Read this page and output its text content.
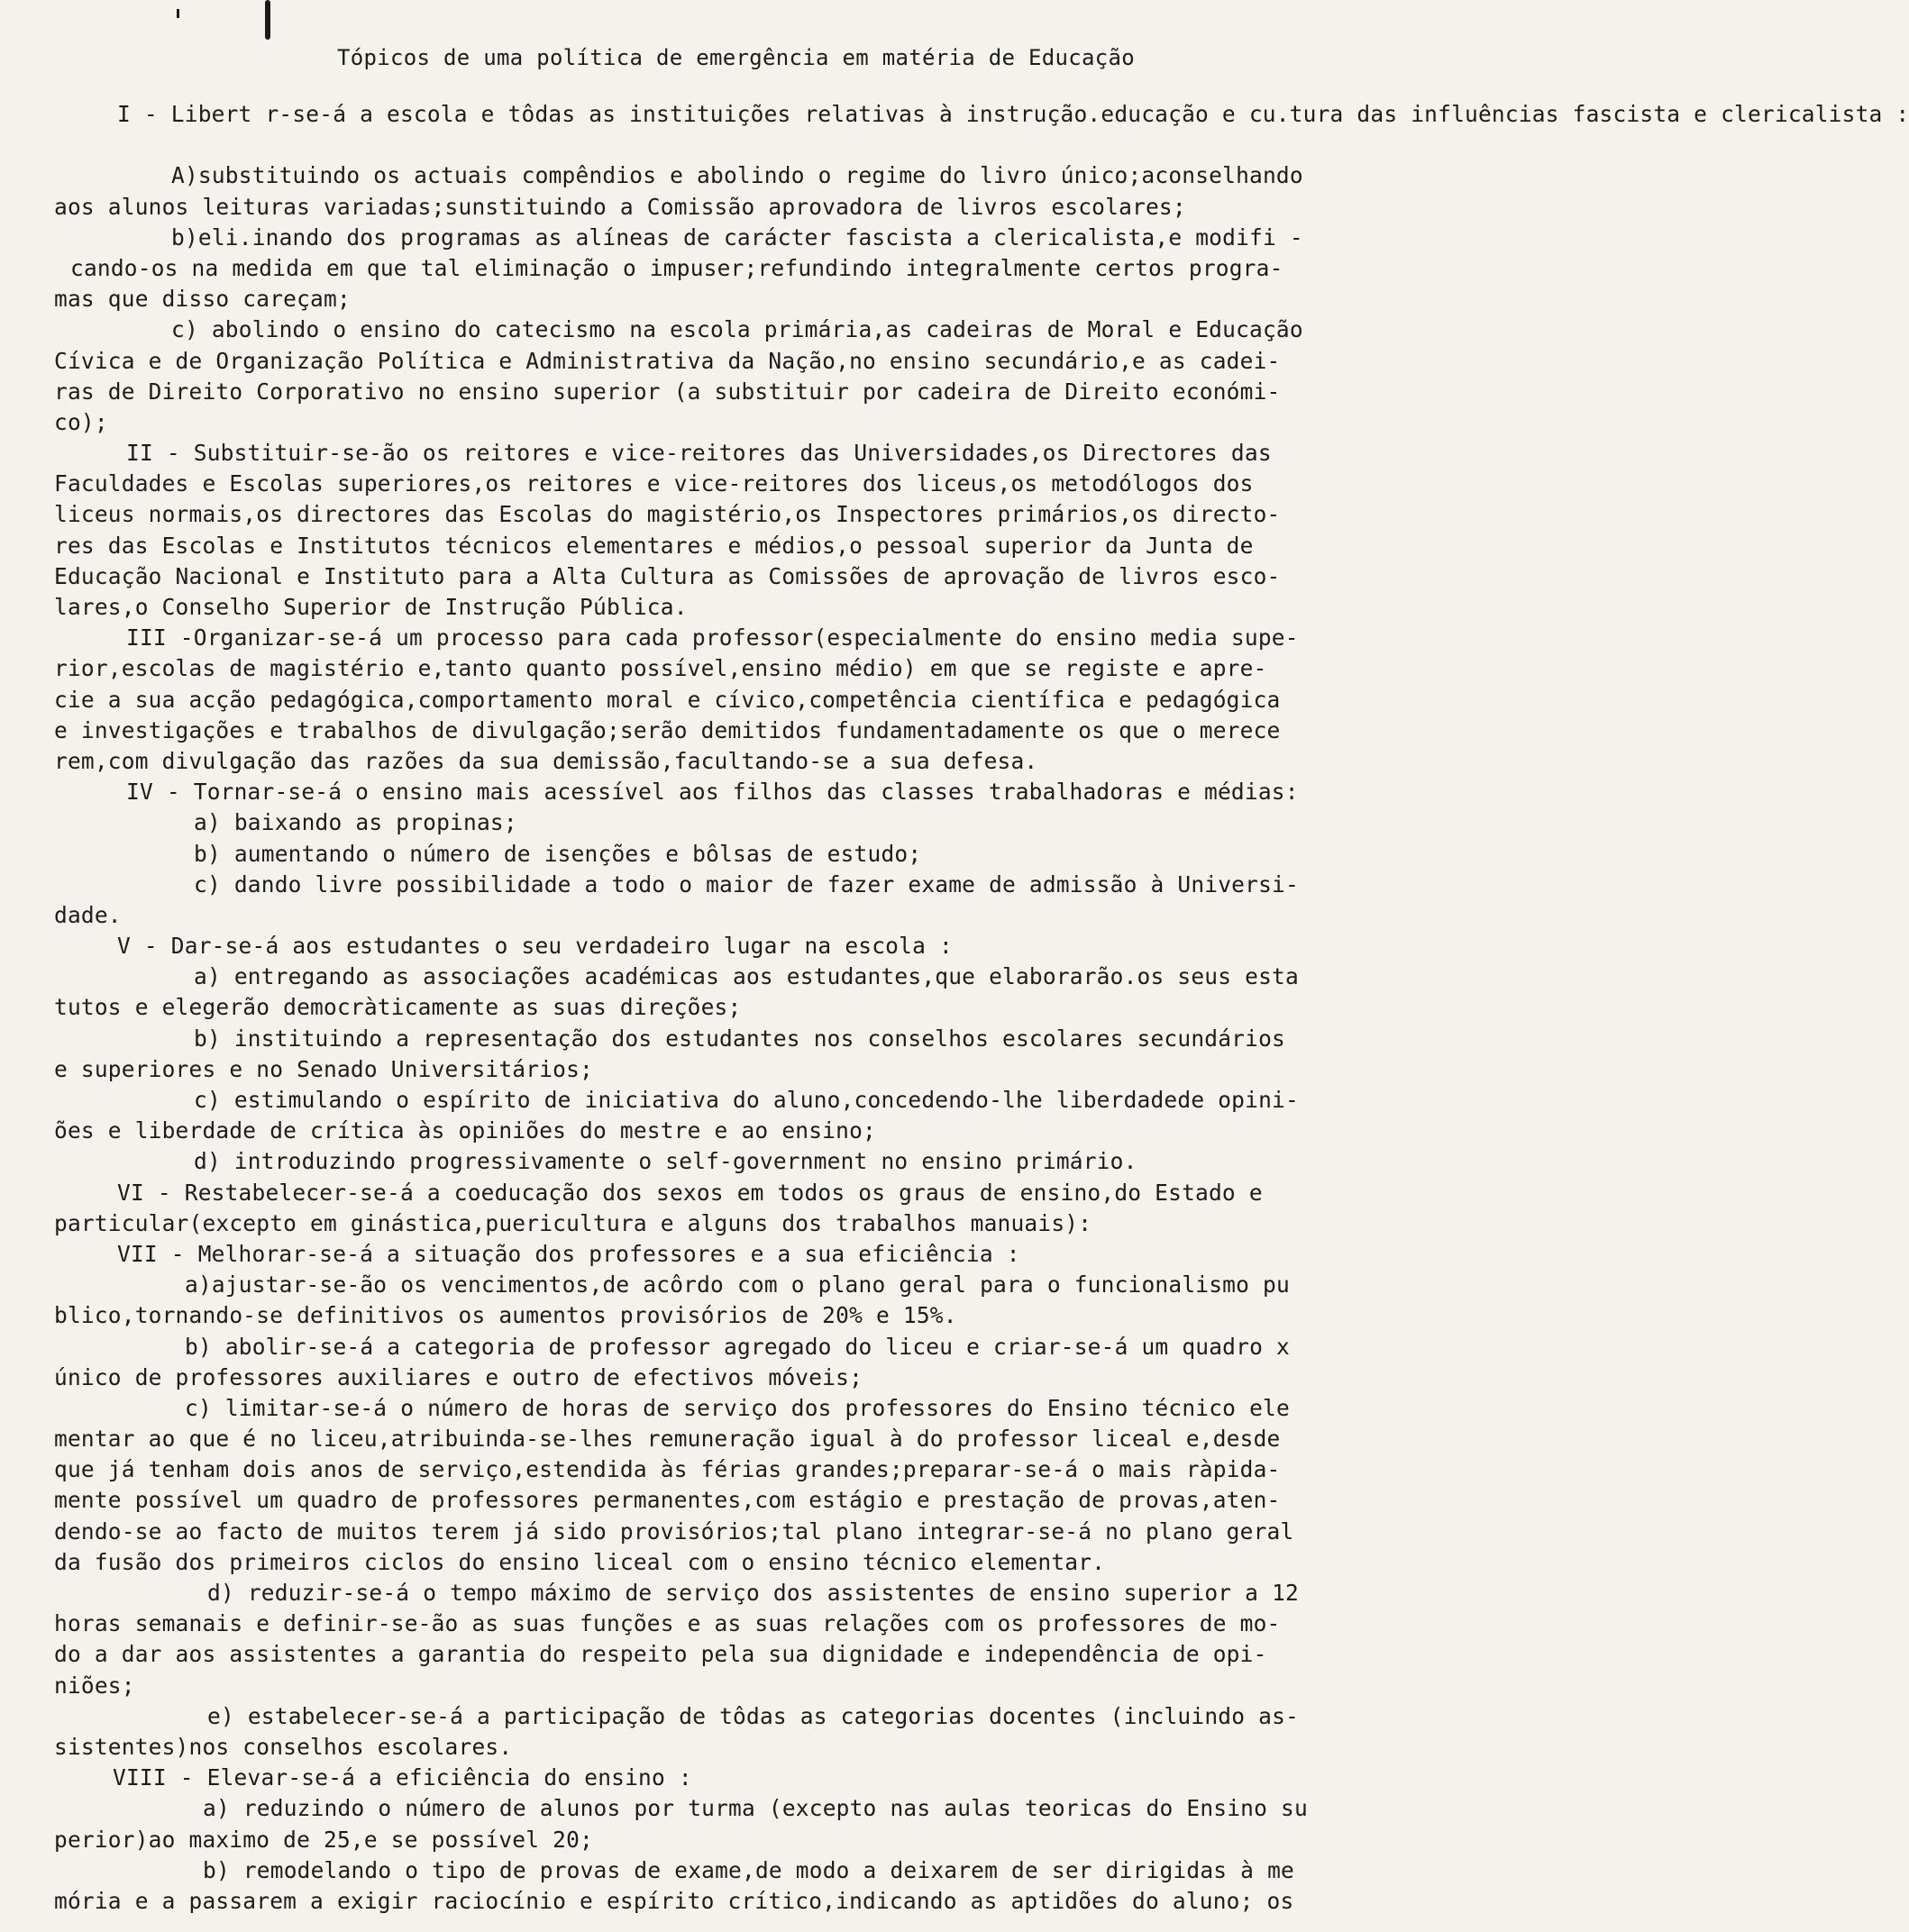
Tópicos de uma política de emergência em matéria de Educação
I - Libert r-se-á a escola e tôdas as instituições relativas à instrução.educação e cu.tura das influências fascista e clericalista :
A)substituindo os actuais compêndios e abolindo o regime do livro único;aconselhando
aos alunos leituras variadas;sunstituindo a Comissão aprovadora de livros escolares;
b)eli.inando dos programas as alíneas de carácter fascista a clericalista,e modifi -
cando-os na medida em que tal eliminação o impuser;refundindo integralmente certos progra-
mas que disso careçam;
c) abolindo o ensino do catecismo na escola primária,as cadeiras de Moral e Educação
Cívica e de Organização Política e Administrativa da Nação,no ensino secundário,e as cadei-
ras de Direito Corporativo no ensino superior (a substituir por cadeira de Direito económi-
co);
II - Substituir-se-ão os reitores e vice-reitores das Universidades,os Directores das
Faculdades e Escolas superiores,os reitores e vice-reitores dos liceus,os metodólogos dos
liceus normais,os directores das Escolas do magistério,os Inspectores primários,os directo-
res das Escolas e Institutos técnicos elementares e médios,o pessoal superior da Junta de
Educação Nacional e Instituto para a Alta Cultura as Comissões de aprovação de livros esco-
lares,o Conselho Superior de Instrução Pública.
III -Organizar-se-á um processo para cada professor(especialmente do ensino media supe-
rior,escolas de magistério e,tanto quanto possível,ensino médio) em que se registe e apre-
cie a sua acção pedagógica,comportamento moral e cívico,competência científica e pedagógica
e investigações e trabalhos de divulgação;serão demitidos fundamentadamente os que o merece
rem,com divulgação das razões da sua demissão,facultando-se a sua defesa.
IV - Tornar-se-á o ensino mais acessível aos filhos das classes trabalhadoras e médias:
a) baixando as propinas;
b) aumentando o número de isenções e bôlsas de estudo;
c) dando livre possibilidade a todo o maior de fazer exame de admissão à Universi-
dade.
V - Dar-se-á aos estudantes o seu verdadeiro lugar na escola :
a) entregando as associações académicas aos estudantes,que elaborarão.os seus esta
tutos e elegerão democràticamente as suas direções;
b) instituindo a representação dos estudantes nos conselhos escolares secundários
e superiores e no Senado Universitários;
c) estimulando o espírito de iniciativa do aluno,concedendo-lhe liberdadede opini-
ões e liberdade de crítica às opiniões do mestre e ao ensino;
d) introduzindo progressivamente o self-government no ensino primário.
VI - Restabelecer-se-á a coeducação dos sexos em todos os graus de ensino,do Estado e
particular(excepto em ginástica,puericultura e alguns dos trabalhos manuais):
VII - Melhorar-se-á a situação dos professores e a sua eficiência :
a)ajustar-se-ão os vencimentos,de acôrdo com o plano geral para o funcionalismo pu
blico,tornando-se definitivos os aumentos provisórios de 20% e 15%.
b) abolir-se-á a categoria de professor agregado do liceu e criar-se-á um quadro x
único de professores auxiliares e outro de efectivos móveis;
c) limitar-se-á o número de horas de serviço dos professores do Ensino técnico ele
mentar ao que é no liceu,atribuinda-se-lhes remuneração igual à do professor liceal e,desde
que já tenham dois anos de serviço,estendida às férias grandes;preparar-se-á o mais ràpida-
mente possível um quadro de professores permanentes,com estágio e prestação de provas,aten-
dendo-se ao facto de muitos terem já sido provisórios;tal plano integrar-se-á no plano geral
da fusão dos primeiros ciclos do ensino liceal com o ensino técnico elementar.
d) reduzir-se-á o tempo máximo de serviço dos assistentes de ensino superior a 12
horas semanais e definir-se-ão as suas funções e as suas relações com os professores de mo-
do a dar aos assistentes a garantia do respeito pela sua dignidade e independência de opi-
niões;
e) estabelecer-se-á a participação de tôdas as categorias docentes (incluindo as-
sistentes)nos conselhos escolares.
VIII - Elevar-se-á a eficiência do ensino :
a) reduzindo o número de alunos por turma (excepto nas aulas teoricas do Ensino su
perior)ao maximo de 25,e se possível 20;
b) remodelando o tipo de provas de exame,de modo a deixarem de ser dirigidas à me
mória e a passarem a exigir raciocínio e espírito crítico,indicando as aptidões do aluno; os
